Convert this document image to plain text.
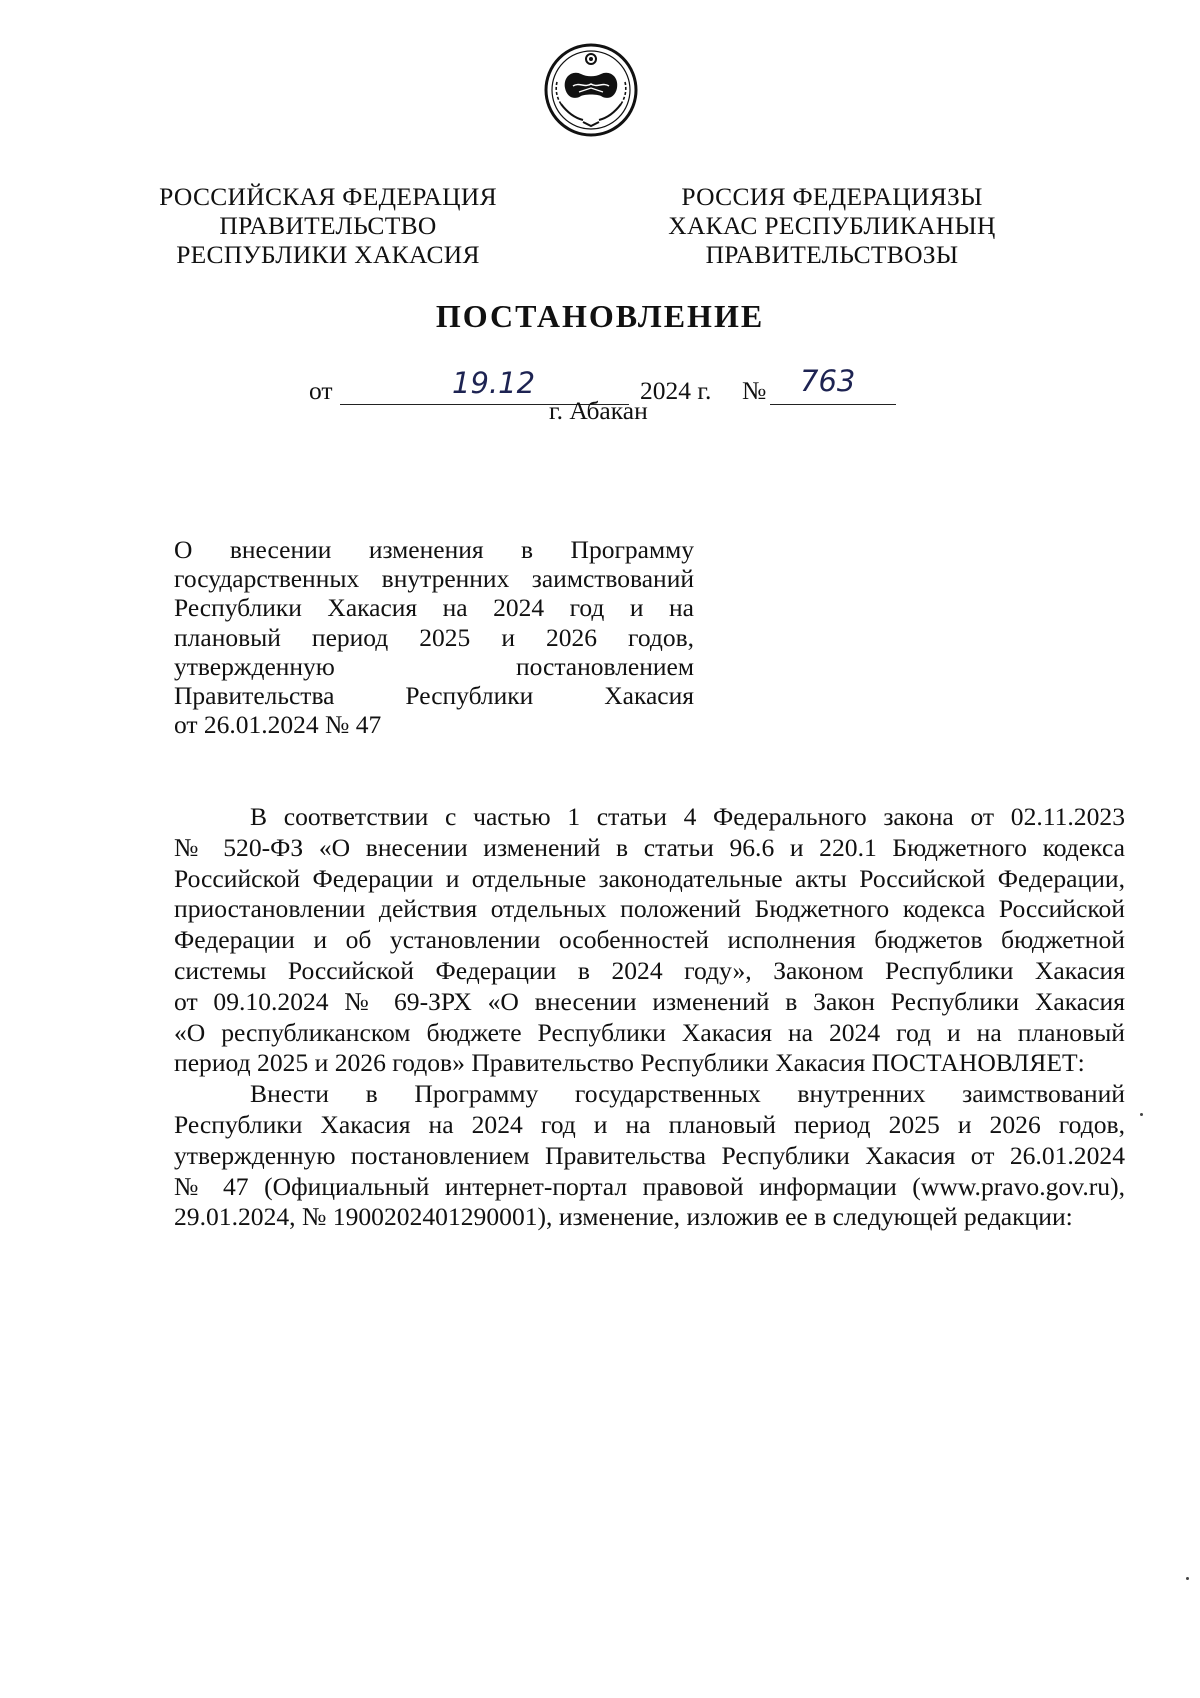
РОССИЙСКАЯ ФЕДЕРАЦИЯ
ПРАВИТЕЛЬСТВО
РЕСПУБЛИКИ ХАКАСИЯ
РОССИЯ ФЕДЕРАЦИЯЗЫ
ХАКАС РЕСПУБЛИКАНЫҢ
ПРАВИТЕЛЬСТВОЗЫ
ПОСТАНОВЛЕНИЕ
от	19.12	2024 г. № 763
г. Абакан
О внесении изменения в Программу
государственных внутренних заимствований
Республики Хакасия на 2024 год и на
плановый период 2025 и 2026 годов,
утвержденную постановлением
Правительства Республики Хакасия
от 26.01.2024 № 47
В соответствии с частью 1 статьи 4 Федерального закона от 02.11.2023
№ 520-ФЗ «О внесении изменений в статьи 96.6 и 220.1 Бюджетного кодекса
Российской Федерации и отдельные законодательные акты Российской Федерации,
приостановлении действия отдельных положений Бюджетного кодекса Российской
Федерации и об установлении особенностей исполнения бюджетов бюджетной
системы Российской Федерации в 2024 году», Законом Республики Хакасия
от 09.10.2024 № 69-ЗРХ «О внесении изменений в Закон Республики Хакасия
«О республиканском бюджете Республики Хакасия на 2024 год и на плановый
период 2025 и 2026 годов» Правительство Республики Хакасия ПОСТАНОВЛЯЕТ:
Внести в Программу государственных внутренних заимствований
Республики Хакасия на 2024 год и на плановый период 2025 и 2026 годов,
утвержденную постановлением Правительства Республики Хакасия от 26.01.2024
№ 47 (Официальный интернет-портал правовой информации (www.pravo.gov.ru),
29.01.2024, № 1900202401290001), изменение, изложив ее в следующей редакции:
